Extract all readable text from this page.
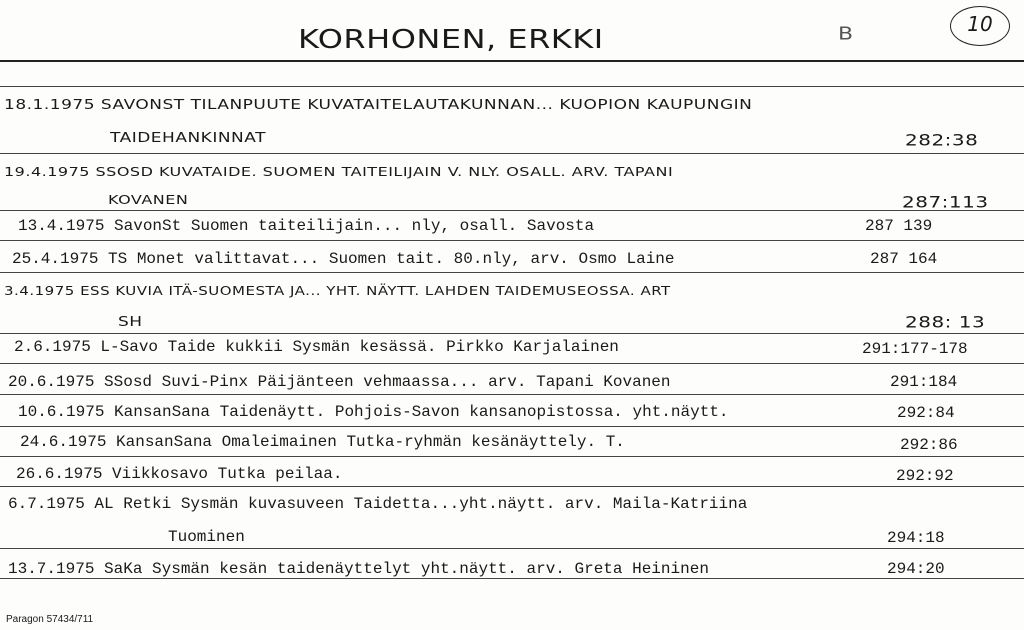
KORHONEN, ERKKI	B	10
18.1.1975 SAVONST TILANPUUTE KUVATAITELAUTAKUNNAN... KUOPION KAUPUNGIN
TAIDEHANKINNAT	282:38
19.4.1975 SSOSD KUVATAIDE. SUOMEN TAITEILIJAIN V. NLY. OSALL. ARV. TAPANI
KOVANEN	287:113
13.4.1975 SavonSt Suomen taiteilijain... nly, osall. Savosta	287 139
25.4.1975 TS Monet valittavat... Suomen tait. 80.nly, arv. Osmo Laine	287 164
3.4.1975 ESS KUVIA ITÄ-SUOMESTA JA... YHT. NÄYTT. LAHDEN TAIDEMUSEOSSA. ART
SH	288: 13
2.6.1975 L-Savo Taide kukkii Sysmän kesässä. Pirkko Karjalainen	291:177-178
20.6.1975 SSosd Suvi-Pinx Päijänteen vehmaassa... arv. Tapani Kovanen	291:184
10.6.1975 KansanSana Taidenäytt. Pohjois-Savon kansanopistossa. yht.näytt.	292:84
24.6.1975 KansanSana Omaleimainen Tutka-ryhmän kesänäyttely. T.	292:86
26.6.1975 Viikkosavo Tutka peilaa.	292:92
6.7.1975 AL Retki Sysmän kuvasuveen Taidetta...yht.näytt. arv. Maila-Katriina
Tuominen	294:18
13.7.1975 SaKa Sysmän kesän taidenäyttelyt yht.näytt. arv. Greta Heininen	294:20
Paragon 57434/711
